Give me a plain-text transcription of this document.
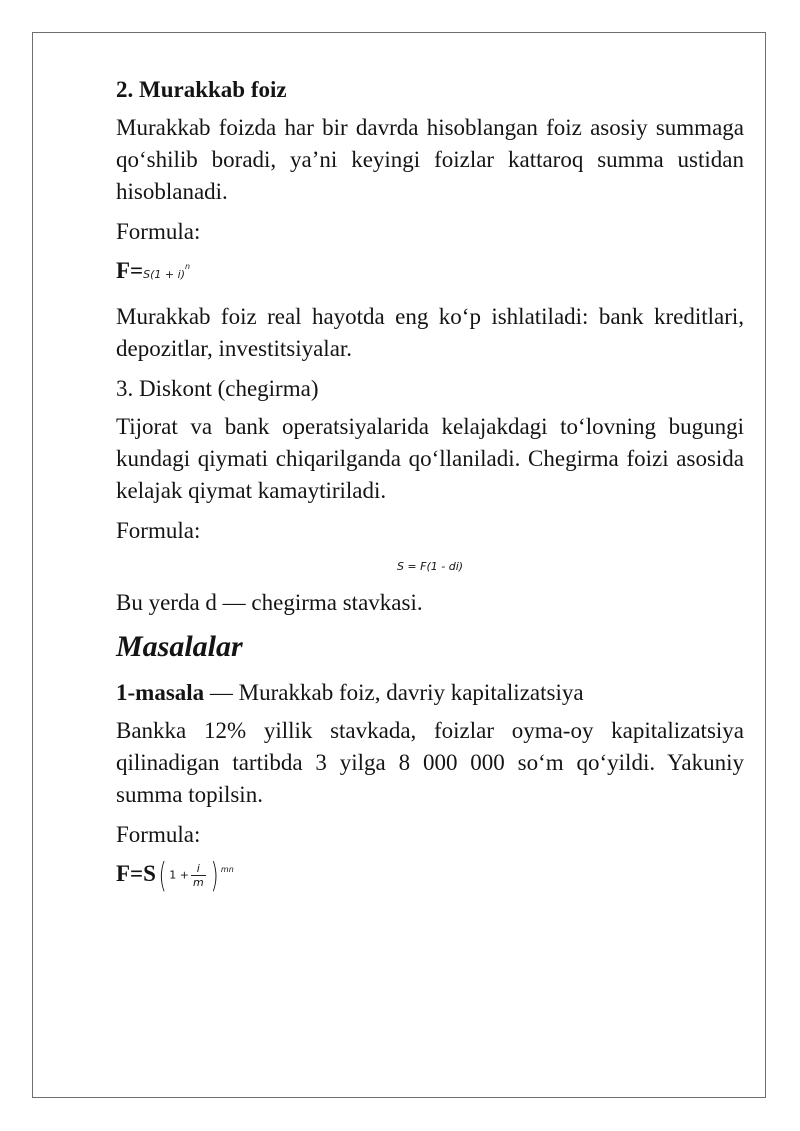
2. Murakkab foiz

Murakkab foizda har bir davrda hisoblangan foiz asosiy summaga qo‘shilib boradi, ya’ni keyingi foizlar kattaroq summa ustidan hisoblanadi.

Formula:
$F=S(1 + i)^n$

Murakkab foiz real hayotda eng ko‘p ishlatiladi: bank kreditlari, depozitlar, investitsiyalar.

3. Diskont (chegirma)

Tijorat va bank operatsiyalarida kelajakdagi to‘lovning bugungi kundagi qiymati chiqarilganda qo‘llaniladi. Chegirma foizi asosida kelajak qiymat kamaytiriladi.

Formula:
S = F(1 - di)

Bu yerda d — chegirma stavkasi.

Masalalar
1-masala — Murakkab foiz, davriy kapitalizatsiya

Bankka 12% yillik stavkada, foizlar oyma-oy kapitalizatsiya qilinadigan tartibda 3 yilga 8 000 000 so‘m qo‘yildi. Yakuniy summa topilsin.

Formula:
F=S( $1 + \frac{i}{m}$ ) $^{mn}$
